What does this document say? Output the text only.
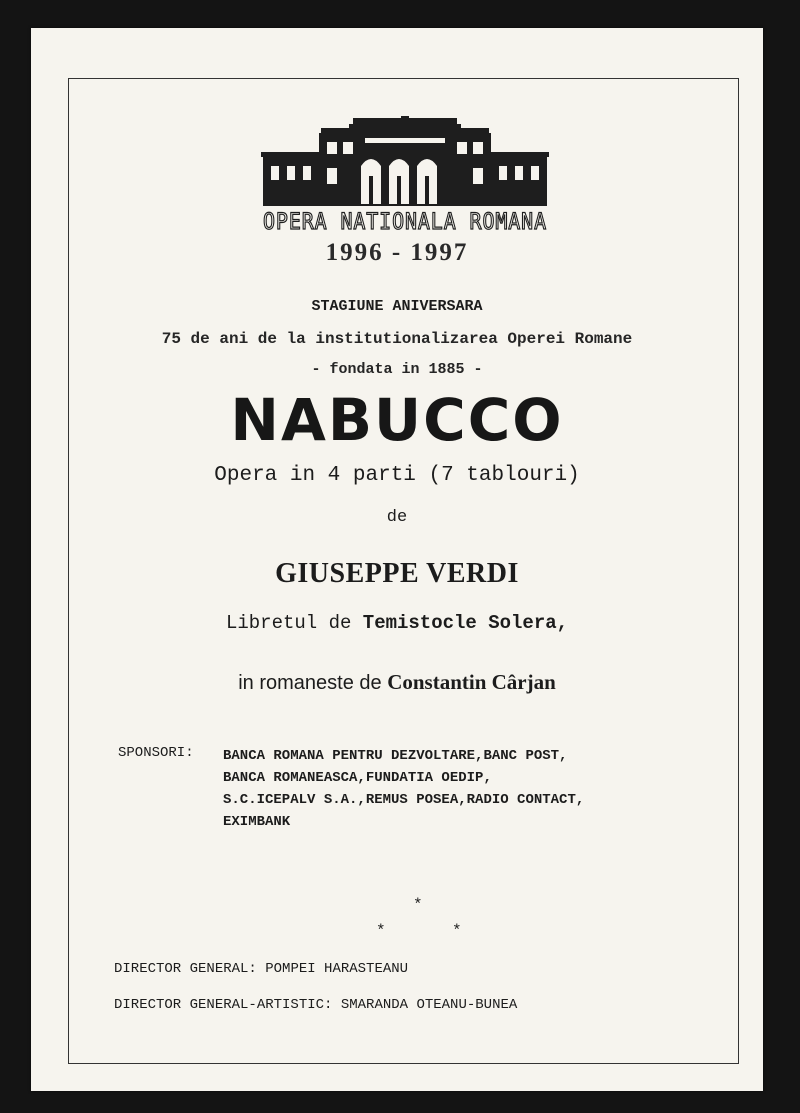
OPERA NATIONALA ROMANA
1996 - 1997
STAGIUNE ANIVERSARA
75 de ani de la institutionalizarea Operei Romane
- fondata in 1885 -
NABUCCO
Opera in 4 parti (7 tablouri)
de
GIUSEPPE VERDI
Libretul de Temistocle Solera,
in romaneste de Constantin Cârjan
SPONSORI: BANCA ROMANA PENTRU DEZVOLTARE,BANC POST,
BANCA ROMANEASCA,FUNDATIA OEDIP,
S.C.ICEPALV S.A.,REMUS POSEA,RADIO CONTACT,
EXIMBANK
*
*	*
DIRECTOR GENERAL: POMPEI HARASTEANU
DIRECTOR GENERAL-ARTISTIC: SMARANDA OTEANU-BUNEA
